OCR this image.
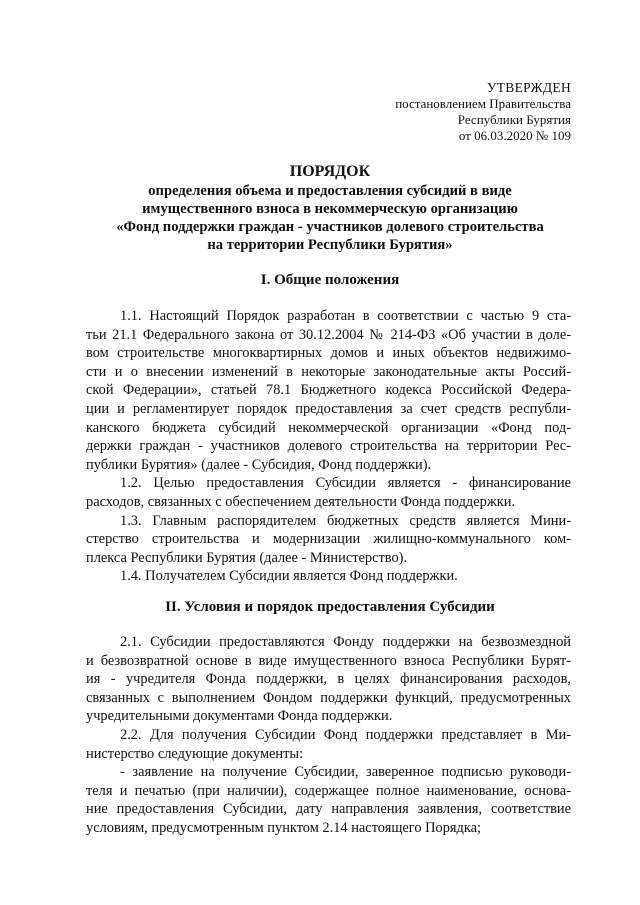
УТВЕРЖДЕН
постановлением Правительства
Республики Бурятия
от 06.03.2020 № 109
ПОРЯДОК
определения объема и предоставления субсидий в виде
имущественного взноса в некоммерческую организацию
«Фонд поддержки граждан - участников долевого строительства
на территории Республики Бурятия»
I. Общие положения
1.1. Настоящий Порядок разработан в соответствии с частью 9 ста-
тьи 21.1 Федерального закона от 30.12.2004 № 214-ФЗ «Об участии в доле-
вом строительстве многоквартирных домов и иных объектов недвижимо-
сти и о внесении изменений в некоторые законодательные акты Россий-
ской Федерации», статьей 78.1 Бюджетного кодекса Российской Федера-
ции и регламентирует порядок предоставления за счет средств республи-
канского бюджета субсидий некоммерческой организации «Фонд под-
держки граждан - участников долевого строительства на территории Рес-
публики Бурятия» (далее - Субсидия, Фонд поддержки).
1.2. Целью предоставления Субсидии является - финансирование
расходов, связанных с обеспечением деятельности Фонда поддержки.
1.3. Главным распорядителем бюджетных средств является Мини-
стерство строительства и модернизации жилищно-коммунального ком-
плекса Республики Бурятия (далее - Министерство).
1.4. Получателем Субсидии является Фонд поддержки.
II. Условия и порядок предоставления Субсидии
2.1. Субсидии предоставляются Фонду поддержки на безвозмездной
и безвозвратной основе в виде имущественного взноса Республики Бурят-
ия - учредителя Фонда поддержки, в целях финансирования расходов,
связанных с выполнением Фондом поддержки функций, предусмотренных
учредительными документами Фонда поддержки.
2.2. Для получения Субсидии Фонд поддержки представляет в Ми-
нистерство следующие документы:
- заявление на получение Субсидии, заверенное подписью руководи-
теля и печатью (при наличии), содержащее полное наименование, основа-
ние предоставления Субсидии, дату направления заявления, соответствие
условиям, предусмотренным пунктом 2.14 настоящего Порядка;
